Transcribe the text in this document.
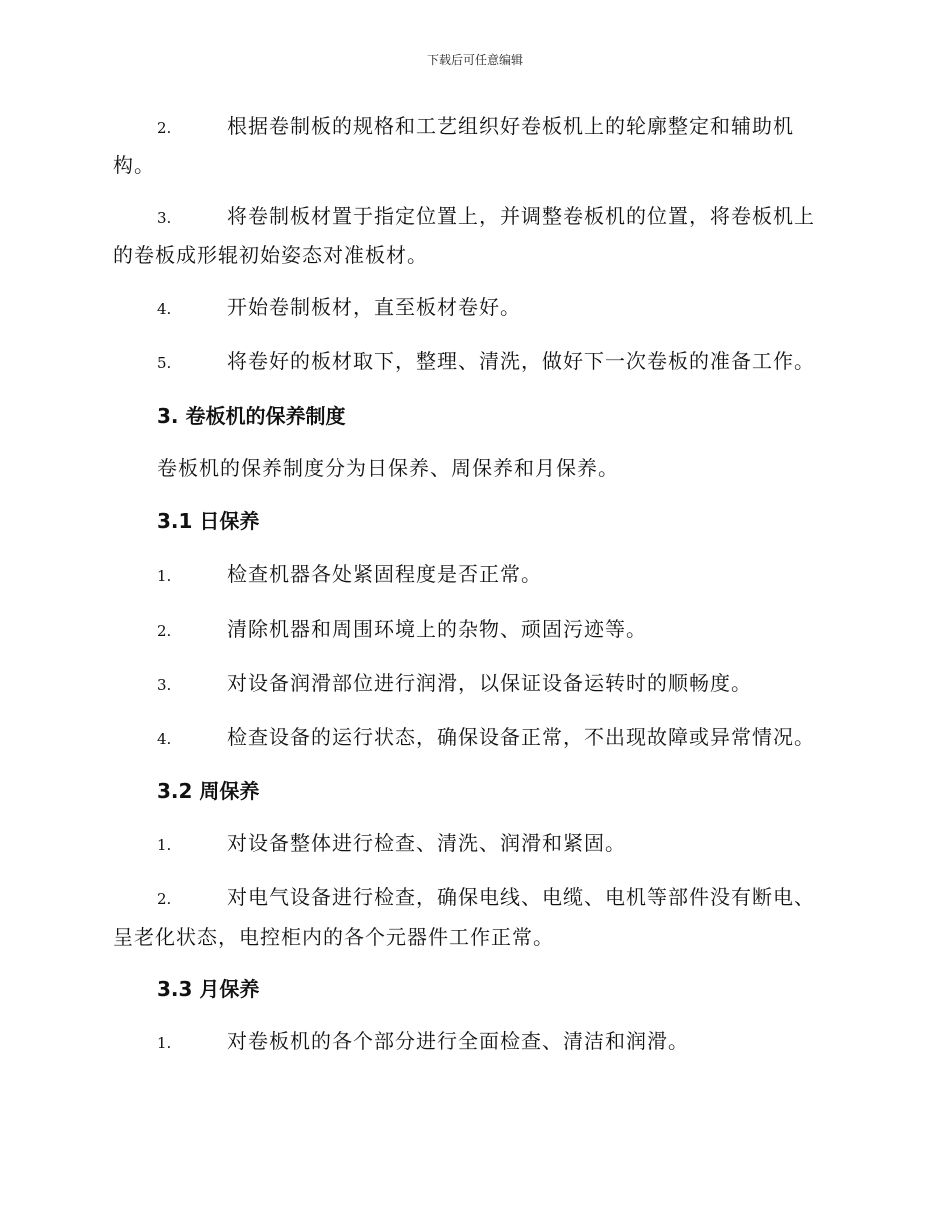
下载后可任意编辑
2.	根据卷制板的规格和工艺组织好卷板机上的轮廓整定和辅助机
构。
3.	将卷制板材置于指定位置上，并调整卷板机的位置，将卷板机上
的卷板成形辊初始姿态对准板材。
4.	开始卷制板材，直至板材卷好。
5.	将卷好的板材取下，整理、清洗，做好下一次卷板的准备工作。
3. 卷板机的保养制度
卷板机的保养制度分为日保养、周保养和月保养。
3.1 日保养
1.	检查机器各处紧固程度是否正常。
2.	清除机器和周围环境上的杂物、顽固污迹等。
3.	对设备润滑部位进行润滑，以保证设备运转时的顺畅度。
4.	检查设备的运行状态，确保设备正常，不出现故障或异常情况。
3.2 周保养
1.	对设备整体进行检查、清洗、润滑和紧固。
2.	对电气设备进行检查，确保电线、电缆、电机等部件没有断电、
呈老化状态，电控柜内的各个元器件工作正常。
3.3 月保养
1.	对卷板机的各个部分进行全面检查、清洁和润滑。
